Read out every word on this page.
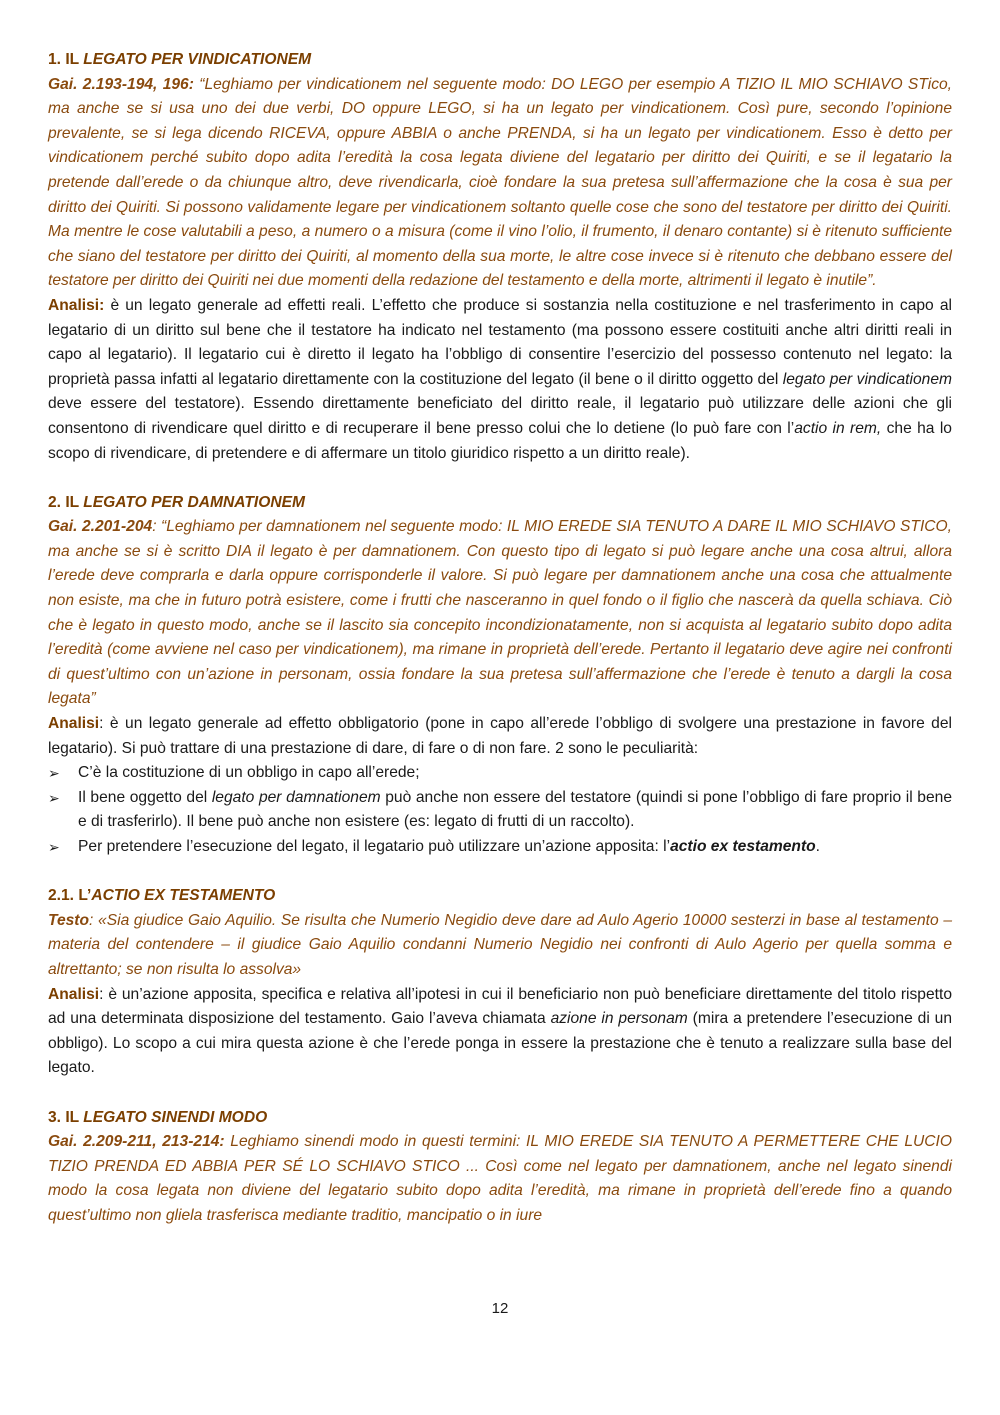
1. IL LEGATO PER VINDICATIONEM
Gai. 2.193-194, 196: “Leghiamo per vindicationem nel seguente modo: DO LEGO per esempio A TIZIO IL MIO SCHIAVO STico, ma anche se si usa uno dei due verbi, DO oppure LEGO, si ha un legato per vindicationem. Così pure, secondo l’opinione prevalente, se si lega dicendo RICEVA, oppure ABBIA o anche PRENDA, si ha un legato per vindicationem. Esso è detto per vindicationem perché subito dopo adita l’eredità la cosa legata diviene del legatario per diritto dei Quiriti, e se il legatario la pretende dall’erede o da chiunque altro, deve rivendicarla, cioè fondare la sua pretesa sull’affermazione che la cosa è sua per diritto dei Quiriti. Si possono validamente legare per vindicationem soltanto quelle cose che sono del testatore per diritto dei Quiriti. Ma mentre le cose valutabili a peso, a numero o a misura (come il vino l’olio, il frumento, il denaro contante) si è ritenuto sufficiente che siano del testatore per diritto dei Quiriti, al momento della sua morte, le altre cose invece si è ritenuto che debbano essere del testatore per diritto dei Quiriti nei due momenti della redazione del testamento e della morte, altrimenti il legato è inutile”.
Analisi: è un legato generale ad effetti reali. L’effetto che produce si sostanzia nella costituzione e nel trasferimento in capo al legatario di un diritto sul bene che il testatore ha indicato nel testamento (ma possono essere costituiti anche altri diritti reali in capo al legatario). Il legatario cui è diretto il legato ha l’obbligo di consentire l’esercizio del possesso contenuto nel legato: la proprietà passa infatti al legatario direttamente con la costituzione del legato (il bene o il diritto oggetto del legato per vindicationem deve essere del testatore). Essendo direttamente beneficiato del diritto reale, il legatario può utilizzare delle azioni che gli consentono di rivendicare quel diritto e di recuperare il bene presso colui che lo detiene (lo può fare con l’actio in rem, che ha lo scopo di rivendicare, di pretendere e di affermare un titolo giuridico rispetto a un diritto reale).
2. IL LEGATO PER DAMNATIONEM
Gai. 2.201-204: “Leghiamo per damnationem nel seguente modo: IL MIO EREDE SIA TENUTO A DARE IL MIO SCHIAVO STICO, ma anche se si è scritto DIA il legato è per damnationem. Con questo tipo di legato si può legare anche una cosa altrui, allora l’erede deve comprarla e darla oppure corrisponderle il valore. Si può legare per damnationem anche una cosa che attualmente non esiste, ma che in futuro potrà esistere, come i frutti che nasceranno in quel fondo o il figlio che nascerà da quella schiava. Ciò che è legato in questo modo, anche se il lascito sia concepito incondizionatamente, non si acquista al legatario subito dopo adita l’eredità (come avviene nel caso per vindicationem), ma rimane in proprietà dell’erede. Pertanto il legatario deve agire nei confronti di quest’ultimo con un’azione in personam, ossia fondare la sua pretesa sull’affermazione che l’erede è tenuto a dargli la cosa legata”
Analisi: è un legato generale ad effetto obbligatorio (pone in capo all’erede l’obbligo di svolgere una prestazione in favore del legatario). Si può trattare di una prestazione di dare, di fare o di non fare. 2 sono le peculiarità:
➢ C’è la costituzione di un obbligo in capo all’erede;
➢ Il bene oggetto del legato per damnationem può anche non essere del testatore (quindi si pone l’obbligo di fare proprio il bene e di trasferirlo). Il bene può anche non esistere (es: legato di frutti di un raccolto).
➢ Per pretendere l’esecuzione del legato, il legatario può utilizzare un’azione apposita: l’actio ex testamento.
2.1. L’ACTIO EX TESTAMENTO
Testo: «Sia giudice Gaio Aquilio. Se risulta che Numerio Negidio deve dare ad Aulo Agerio 10000 sesterzi in base al testamento – materia del contendere – il giudice Gaio Aquilio condanni Numerio Negidio nei confronti di Aulo Agerio per quella somma e altrettanto; se non risulta lo assolva»
Analisi: è un’azione apposita, specifica e relativa all’ipotesi in cui il beneficiario non può beneficiare direttamente del titolo rispetto ad una determinata disposizione del testamento. Gaio l’aveva chiamata azione in personam (mira a pretendere l’esecuzione di un obbligo). Lo scopo a cui mira questa azione è che l’erede ponga in essere la prestazione che è tenuto a realizzare sulla base del legato.
3. IL LEGATO SINENDI MODO
Gai. 2.209-211, 213-214: Leghiamo sinendi modo in questi termini: IL MIO EREDE SIA TENUTO A PERMETTERE CHE LUCIO TIZIO PRENDA ED ABBIA PER SÉ LO SCHIAVO STICO ... Così come nel legato per damnationem, anche nel legato sinendi modo la cosa legata non diviene del legatario subito dopo adita l’eredità, ma rimane in proprietà dell’erede fino a quando quest’ultimo non gliela trasferisca mediante traditio, mancipatio o in iure
12
